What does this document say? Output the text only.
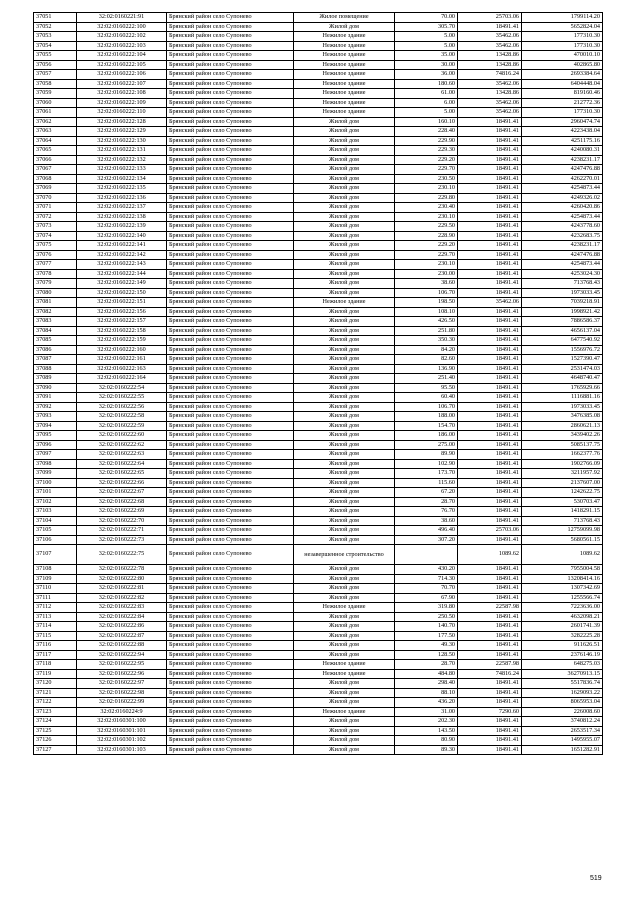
37051	32:02:0160221:91	Брянский район село Супонево	Жилое помещение	70.00	25703.06	1799114.20
37052	32:02:0160222:100	Брянский район село Супонево	Жилой дом	305.70	18491.41	5652824.04
37053	32:02:0160222:102	Брянский район село Супонево	Нежилое здание	5.00	35462.06	177310.30
37054	32:02:0160222:103	Брянский район село Супонево	Нежилое здание	5.00	35462.06	177310.30
37055	32:02:0160222:104	Брянский район село Супонево	Нежилое здание	35.00	13428.86	470010.10
37056	32:02:0160222:105	Брянский район село Супонево	Нежилое здание	30.00	13428.86	402865.80
37057	32:02:0160222:106	Брянский район село Супонево	Нежилое здание	36.00	74816.24	2693384.64
37058	32:02:0160222:107	Брянский район село Супонево	Нежилое здание	180.60	35462.06	6404448.04
37059	32:02:0160222:108	Брянский район село Супонево	Нежилое здание	61.00	13428.86	819160.46
37060	32:02:0160222:109	Брянский район село Супонево	Нежилое здание	6.00	35462.06	212772.36
37061	32:02:0160222:110	Брянский район село Супонево	Нежилое здание	5.00	35462.06	177310.30
37062	32:02:0160222:128	Брянский район село Супонево	Жилой дом	160.10	18491.41	2960474.74
37063	32:02:0160222:129	Брянский район село Супонево	Жилой дом	228.40	18491.41	4223438.04
37064	32:02:0160222:130	Брянский район село Супонево	Жилой дом	229.90	18491.41	4251175.16
37065	32:02:0160222:131	Брянский район село Супонево	Жилой дом	229.30	18491.41	4240080.31
37066	32:02:0160222:132	Брянский район село Супонево	Жилой дом	229.20	18491.41	4238231.17
37067	32:02:0160222:133	Брянский район село Супонево	Жилой дом	229.70	18491.41	4247476.88
37068	32:02:0160222:134	Брянский район село Супонево	Жилой дом	230.50	18491.41	4262270.01
37069	32:02:0160222:135	Брянский район село Супонево	Жилой дом	230.10	18491.41	4254873.44
37070	32:02:0160222:136	Брянский район село Супонево	Жилой дом	229.80	18491.41	4249326.02
37071	32:02:0160222:137	Брянский район село Супонево	Жилой дом	230.40	18491.41	4260420.86
37072	32:02:0160222:138	Брянский район село Супонево	Жилой дом	230.10	18491.41	4254873.44
37073	32:02:0160222:139	Брянский район село Супонево	Жилой дом	229.50	18491.41	4243778.60
37074	32:02:0160222:140	Брянский район село Супонево	Жилой дом	228.90	18491.41	4232683.75
37075	32:02:0160222:141	Брянский район село Супонево	Жилой дом	229.20	18491.41	4238231.17
37076	32:02:0160222:142	Брянский район село Супонево	Жилой дом	229.70	18491.41	4247476.88
37077	32:02:0160222:143	Брянский район село Супонево	Жилой дом	230.10	18491.41	4254873.44
37078	32:02:0160222:144	Брянский район село Супонево	Жилой дом	230.00	18491.41	4253024.30
37079	32:02:0160222:149	Брянский район село Супонево	Жилой дом	38.60	18491.41	713768.43
37080	32:02:0160222:150	Брянский район село Супонево	Жилой дом	106.70	18491.41	1973033.45
37081	32:02:0160222:151	Брянский район село Супонево	Нежилое здание	198.50	35462.06	7039218.91
37082	32:02:0160222:156	Брянский район село Супонево	Жилой дом	108.10	18491.41	1998921.42
37083	32:02:0160222:157	Брянский район село Супонево	Жилой дом	426.50	18491.41	7886586.37
37084	32:02:0160222:158	Брянский район село Супонево	Жилой дом	251.80	18491.41	4656137.04
37085	32:02:0160222:159	Брянский район село Супонево	Жилой дом	350.30	18491.41	6477540.92
37086	32:02:0160222:160	Брянский район село Супонево	Жилой дом	84.20	18491.41	1556976.72
37087	32:02:0160222:161	Брянский район село Супонево	Жилой дом	82.60	18491.41	1527390.47
37088	32:02:0160222:163	Брянский район село Супонево	Жилой дом	136.90	18491.41	2531474.03
37089	32:02:0160222:164	Брянский район село Супонево	Жилой дом	251.40	18491.41	4648740.47
37090	32:02:0160222:54	Брянский район село Супонево	Жилой дом	95.50	18491.41	1765929.66
37091	32:02:0160222:55	Брянский район село Супонево	Жилой дом	60.40	18491.41	1116881.16
37092	32:02:0160222:56	Брянский район село Супонево	Жилой дом	106.70	18491.41	1973033.45
37093	32:02:0160222:58	Брянский район село Супонево	Жилой дом	188.00	18491.41	3476385.08
37094	32:02:0160222:59	Брянский район село Супонево	Жилой дом	154.70	18491.41	2860621.13
37095	32:02:0160222:60	Брянский район село Супонево	Жилой дом	186.00	18491.41	3439402.26
37096	32:02:0160222:62	Брянский район село Супонево	Жилой дом	275.00	18491.41	5085137.75
37097	32:02:0160222:63	Брянский район село Супонево	Жилой дом	89.90	18491.41	1662377.76
37098	32:02:0160222:64	Брянский район село Супонево	Жилой дом	102.90	18491.41	1902766.09
37099	32:02:0160222:65	Брянский район село Супонево	Жилой дом	173.70	18491.41	3211957.92
37100	32:02:0160222:66	Брянский район село Супонево	Жилой дом	115.60	18491.41	2137607.00
37101	32:02:0160222:67	Брянский район село Супонево	Жилой дом	67.20	18491.41	1242622.75
37102	32:02:0160222:68	Брянский район село Супонево	Жилой дом	28.70	18491.41	530703.47
37103	32:02:0160222:69	Брянский район село Супонево	Жилой дом	76.70	18491.41	1418291.15
37104	32:02:0160222:70	Брянский район село Супонево	Жилой дом	38.60	18491.41	713768.43
37105	32:02:0160222:71	Брянский район село Супонево	Жилой дом	496.40	25703.06	12759099.98
37106	32:02:0160222:73	Брянский район село Супонево	Жилой дом	307.20	18491.41	5680561.15
37107	32:02:0160222:75	Брянский район село Супонево	незавершенное строительство		1089.62	1089.62
37108	32:02:0160222:78	Брянский район село Супонево	Жилой дом	430.20	18491.41	7955004.58
37109	32:02:0160222:80	Брянский район село Супонево	Жилой дом	714.30	18491.41	13208414.16
37110	32:02:0160222:81	Брянский район село Супонево	Жилой дом	70.70	18491.41	1307342.69
37111	32:02:0160222:82	Брянский район село Супонево	Жилой дом	67.90	18491.41	1255566.74
37112	32:02:0160222:83	Брянский район село Супонево	Нежилое здание	319.80	22587.98	7223636.00
37113	32:02:0160222:84	Брянский район село Супонево	Жилой дом	250.50	18491.41	4632098.21
37114	32:02:0160222:86	Брянский район село Супонево	Жилой дом	140.70	18491.41	2601741.39
37115	32:02:0160222:87	Брянский район село Супонево	Жилой дом	177.50	18491.41	3282225.28
37116	32:02:0160222:88	Брянский район село Супонево	Жилой дом	49.30	18491.41	911626.51
37117	32:02:0160222:94	Брянский район село Супонево	Жилой дом	128.50	18491.41	2376146.19
37118	32:02:0160222:95	Брянский район село Супонево	Нежилое здание	28.70	22587.98	648275.03
37119	32:02:0160222:96	Брянский район село Супонево	Нежилое здание	484.80	74816.24	36270913.15
37120	32:02:0160222:97	Брянский район село Супонево	Жилой дом	298.40	18491.41	5517836.74
37121	32:02:0160222:98	Брянский район село Супонево	Жилой дом	88.10	18491.41	1629093.22
37122	32:02:0160222:99	Брянский район село Супонево	Жилой дом	436.20	18491.41	8065953.04
37123	32:02:0160224:9	Брянский район село Супонево	Нежилое здание	31.00	7290.60	226008.60
37124	32:02:0160301:100	Брянский район село Супонево	Жилой дом	202.30	18491.41	3740812.24
37125	32:02:0160301:101	Брянский район село Супонево	Жилой дом	143.50	18491.41	2653517.34
37126	32:02:0160301:102	Брянский район село Супонево	Жилой дом	80.90	18491.41	1495955.07
37127	32:02:0160301:103	Брянский район село Супонево	Жилой дом	89.30	18491.41	1651282.91
519
